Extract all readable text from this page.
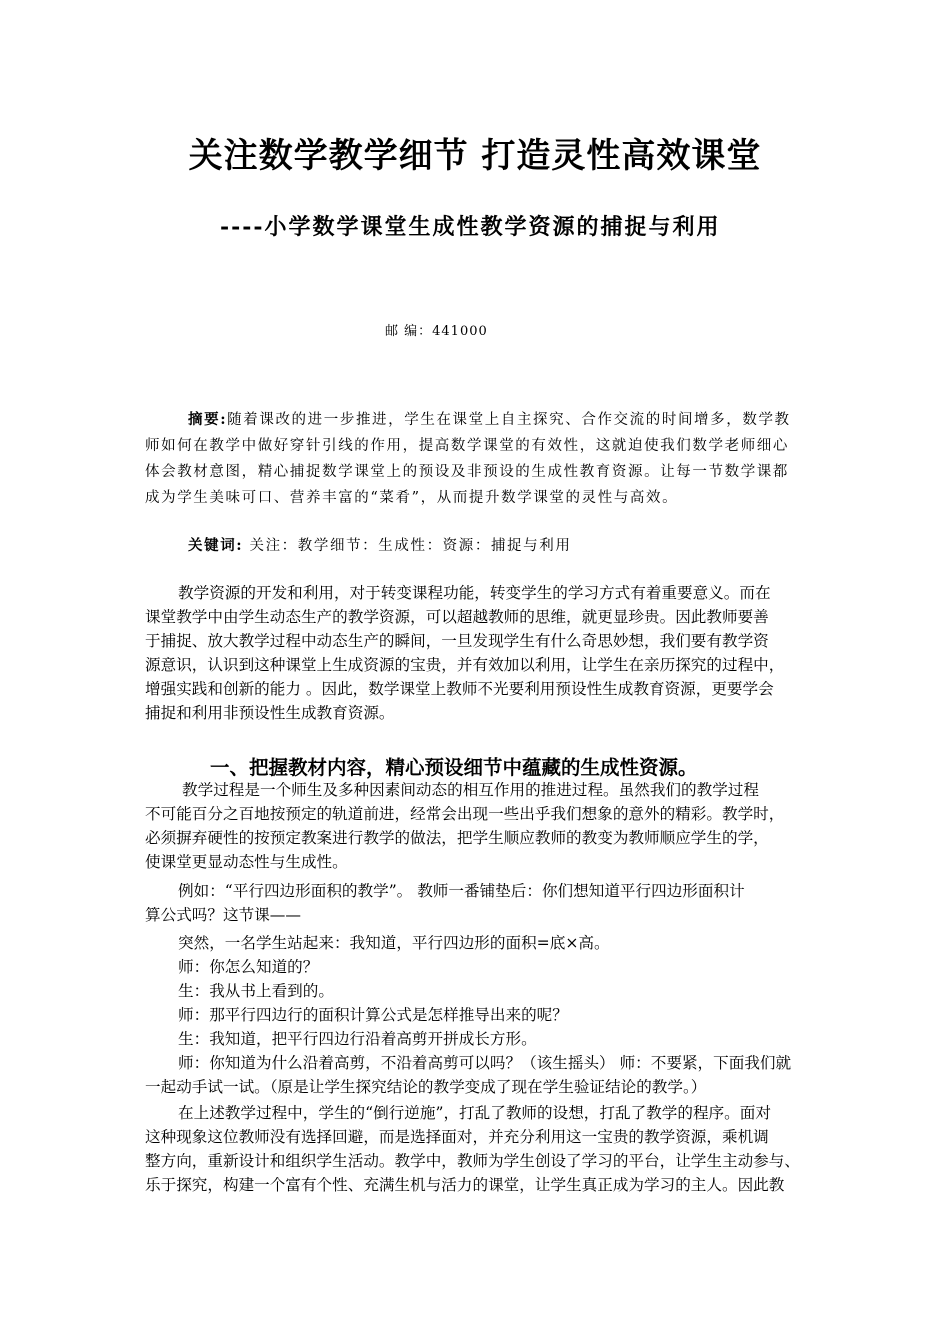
关注数学教学细节 打造灵性高效课堂
----小学数学课堂生成性教学资源的捕捉与利用
邮 编：441000
摘要:随着课改的进一步推进，学生在课堂上自主探究、合作交流的时间增多，数学教
师如何在教学中做好穿针引线的作用，提高数学课堂的有效性，这就迫使我们数学老师细心
体会教材意图，精心捕捉数学课堂上的预设及非预设的生成性教育资源。让每一节数学课都
成为学生美味可口、营养丰富的“菜肴”，从而提升数学课堂的灵性与高效。
关键词: 关注：教学细节：生成性：资源：捕捉与利用
教学资源的开发和利用，对于转变课程功能，转变学生的学习方式有着重要意义。而在
课堂教学中由学生动态生产的教学资源，可以超越教师的思维，就更显珍贵。因此教师要善
于捕捉、放大教学过程中动态生产的瞬间，一旦发现学生有什么奇思妙想，我们要有教学资
源意识，认识到这种课堂上生成资源的宝贵，并有效加以利用，让学生在亲历探究的过程中，
增强实践和创新的能力 。因此，数学课堂上教师不光要利用预设性生成教育资源，更要学会
捕捉和利用非预设性生成教育资源。
一、把握教材内容，精心预设细节中蕴藏的生成性资源。
教学过程是一个师生及多种因素间动态的相互作用的推进过程。虽然我们的教学过程
不可能百分之百地按预定的轨道前进，经常会出现一些出乎我们想象的意外的精彩。教学时，
必须摒弃硬性的按预定教案进行教学的做法，把学生顺应教师的教变为教师顺应学生的学，
使课堂更显动态性与生成性。
例如：“平行四边形面积的教学”。 教师一番铺垫后：你们想知道平行四边形面积计
算公式吗？这节课——
突然，一名学生站起来：我知道，平行四边形的面积=底×高。
师：你怎么知道的？
生：我从书上看到的。
师：那平行四边行的面积计算公式是怎样推导出来的呢？
生：我知道，把平行四边行沿着高剪开拼成长方形。
师：你知道为什么沿着高剪，不沿着高剪可以吗？（该生摇头） 师：不要紧，下面我们就
一起动手试一试。（原是让学生探究结论的教学变成了现在学生验证结论的教学。）
在上述教学过程中，学生的“倒行逆施”，打乱了教师的设想，打乱了教学的程序。面对
这种现象这位教师没有选择回避，而是选择面对，并充分利用这一宝贵的教学资源，乘机调
整方向，重新设计和组织学生活动。教学中，教师为学生创设了学习的平台，让学生主动参与、
乐于探究，构建一个富有个性、充满生机与活力的课堂，让学生真正成为学习的主人。因此教
